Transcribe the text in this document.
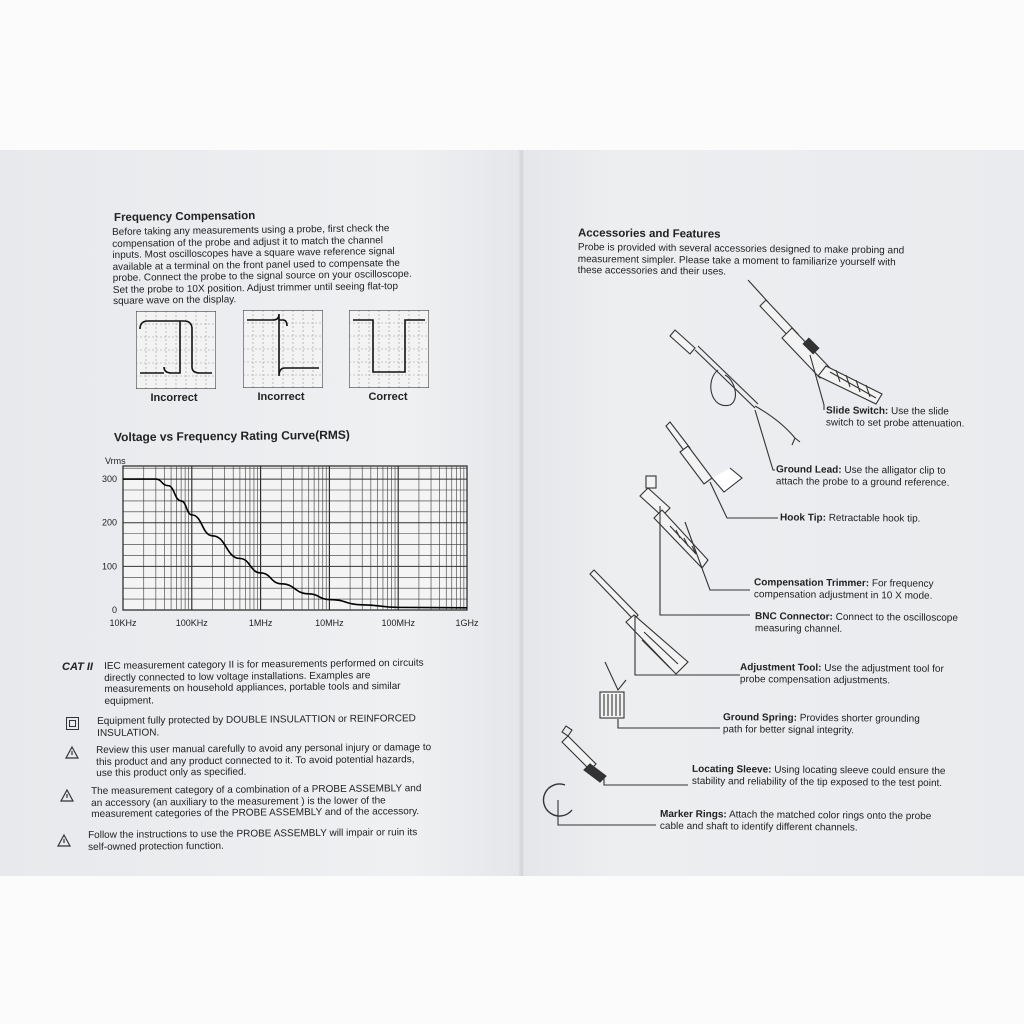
Frequency Compensation
Before taking any measurements using a probe, first check the
compensation of the probe and adjust it to match the channel
inputs. Most oscilloscopes have a square wave reference signal
available at a terminal on the front panel used to compensate the
probe. Connect the probe to the signal source on your oscilloscope.
Set the probe to 10X position. Adjust trimmer until seeing flat-top
square wave on the display.
Incorrect	Incorrect	Correct
Voltage vs Frequency Rating Curve(RMS)
0
100
200
300
10KHz	100KHz	1MHz	10MHz	100MHz	1GHz
Vrms
CAT II IEC measurement category II is for measurements performed on circuits
directly connected to low voltage installations. Examples are
measurements on household appliances, portable tools and similar
equipment.
Equipment fully protected by DOUBLE INSULATTION or REINFORCED
INSULATION.
Review this user manual carefully to avoid any personal injury or damage to
this product and any product connected to it. To avoid potential hazards,
use this product only as specified.
The measurement category of a combination of a PROBE ASSEMBLY and
an accessory (an auxiliary to the measurement ) is the lower of the
measurement categories of the PROBE ASSEMBLY and of the accessory.
Follow the instructions to use the PROBE ASSEMBLY will impair or ruin its
self-owned protection function.
Accessories and Features
Probe is provided with several accessories designed to make probing and
measurement simpler. Please take a moment to familiarize yourself with
these accessories and their uses.
Slide Switch: Use the slide
switch to set probe attenuation.
Ground Lead: Use the alligator clip to
attach the probe to a ground reference.
Hook Tip: Retractable hook tip.
Compensation Trimmer: For frequency
compensation adjustment in 10 X mode.
BNC Connector: Connect to the oscilloscope
measuring channel.
Adjustment Tool: Use the adjustment tool for
probe compensation adjustments.
Ground Spring: Provides shorter grounding
path for better signal integrity.
Locating Sleeve: Using locating sleeve could ensure the
stability and reliability of the tip exposed to the test point.
Marker Rings: Attach the matched color rings onto the probe
cable and shaft to identify different channels.
